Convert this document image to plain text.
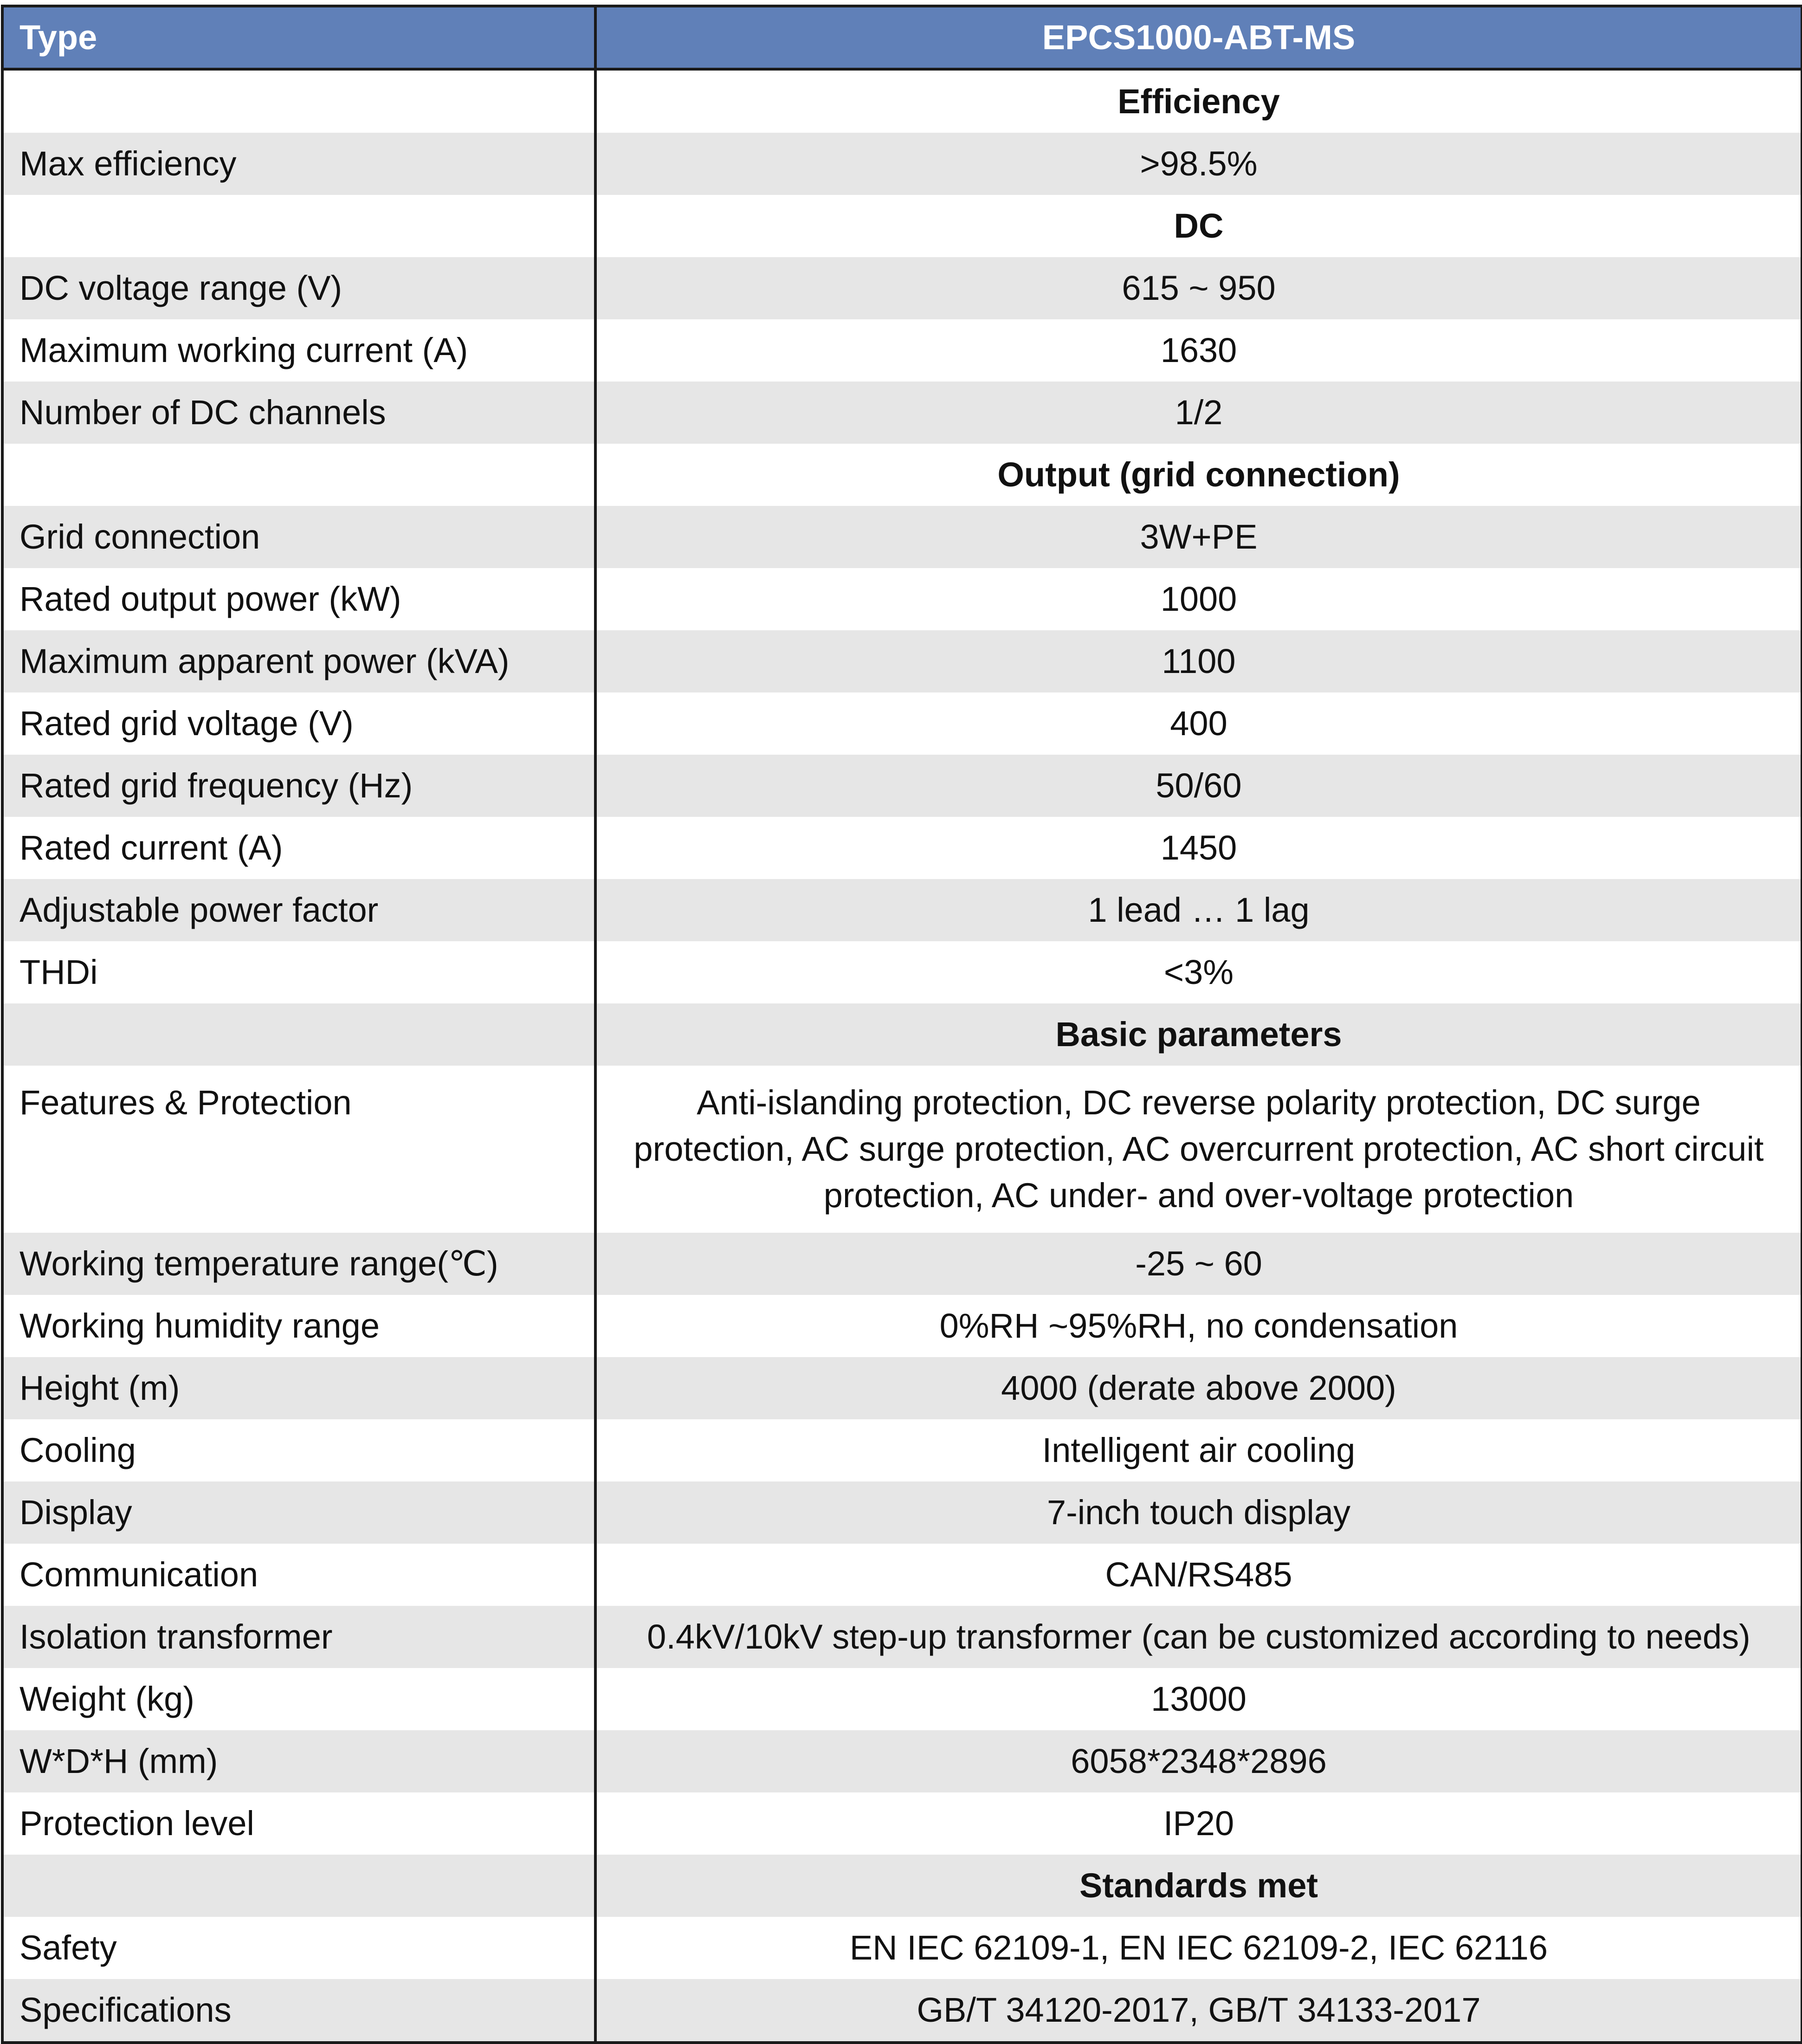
Type	EPCS1000-ABT-MS
	Efficiency
Max efficiency	>98.5%
	DC
DC voltage range (V)	615 ~ 950
Maximum working current (A)	1630
Number of DC channels	1/2
	Output (grid connection)
Grid connection	3W+PE
Rated output power (kW)	1000
Maximum apparent power (kVA)	1100
Rated grid voltage (V)	400
Rated grid frequency (Hz)	50/60
Rated current (A)	1450
Adjustable power factor	1 lead … 1 lag
THDi	<3%
	Basic parameters
Features & Protection	Anti-islanding protection, DC reverse polarity protection, DC surge protection, AC surge protection, AC overcurrent protection, AC short circuit protection, AC under- and over-voltage protection
Working temperature range(℃)	-25 ~ 60
Working humidity range	0%RH ~95%RH, no condensation
Height (m)	4000 (derate above 2000)
Cooling	Intelligent air cooling
Display	7-inch touch display
Communication	CAN/RS485
Isolation transformer	0.4kV/10kV step-up transformer (can be customized according to needs)
Weight (kg)	13000
W*D*H (mm)	6058*2348*2896
Protection level	IP20
	Standards met
Safety	EN IEC 62109-1, EN IEC 62109-2, IEC 62116
Specifications	GB/T 34120-2017, GB/T 34133-2017
